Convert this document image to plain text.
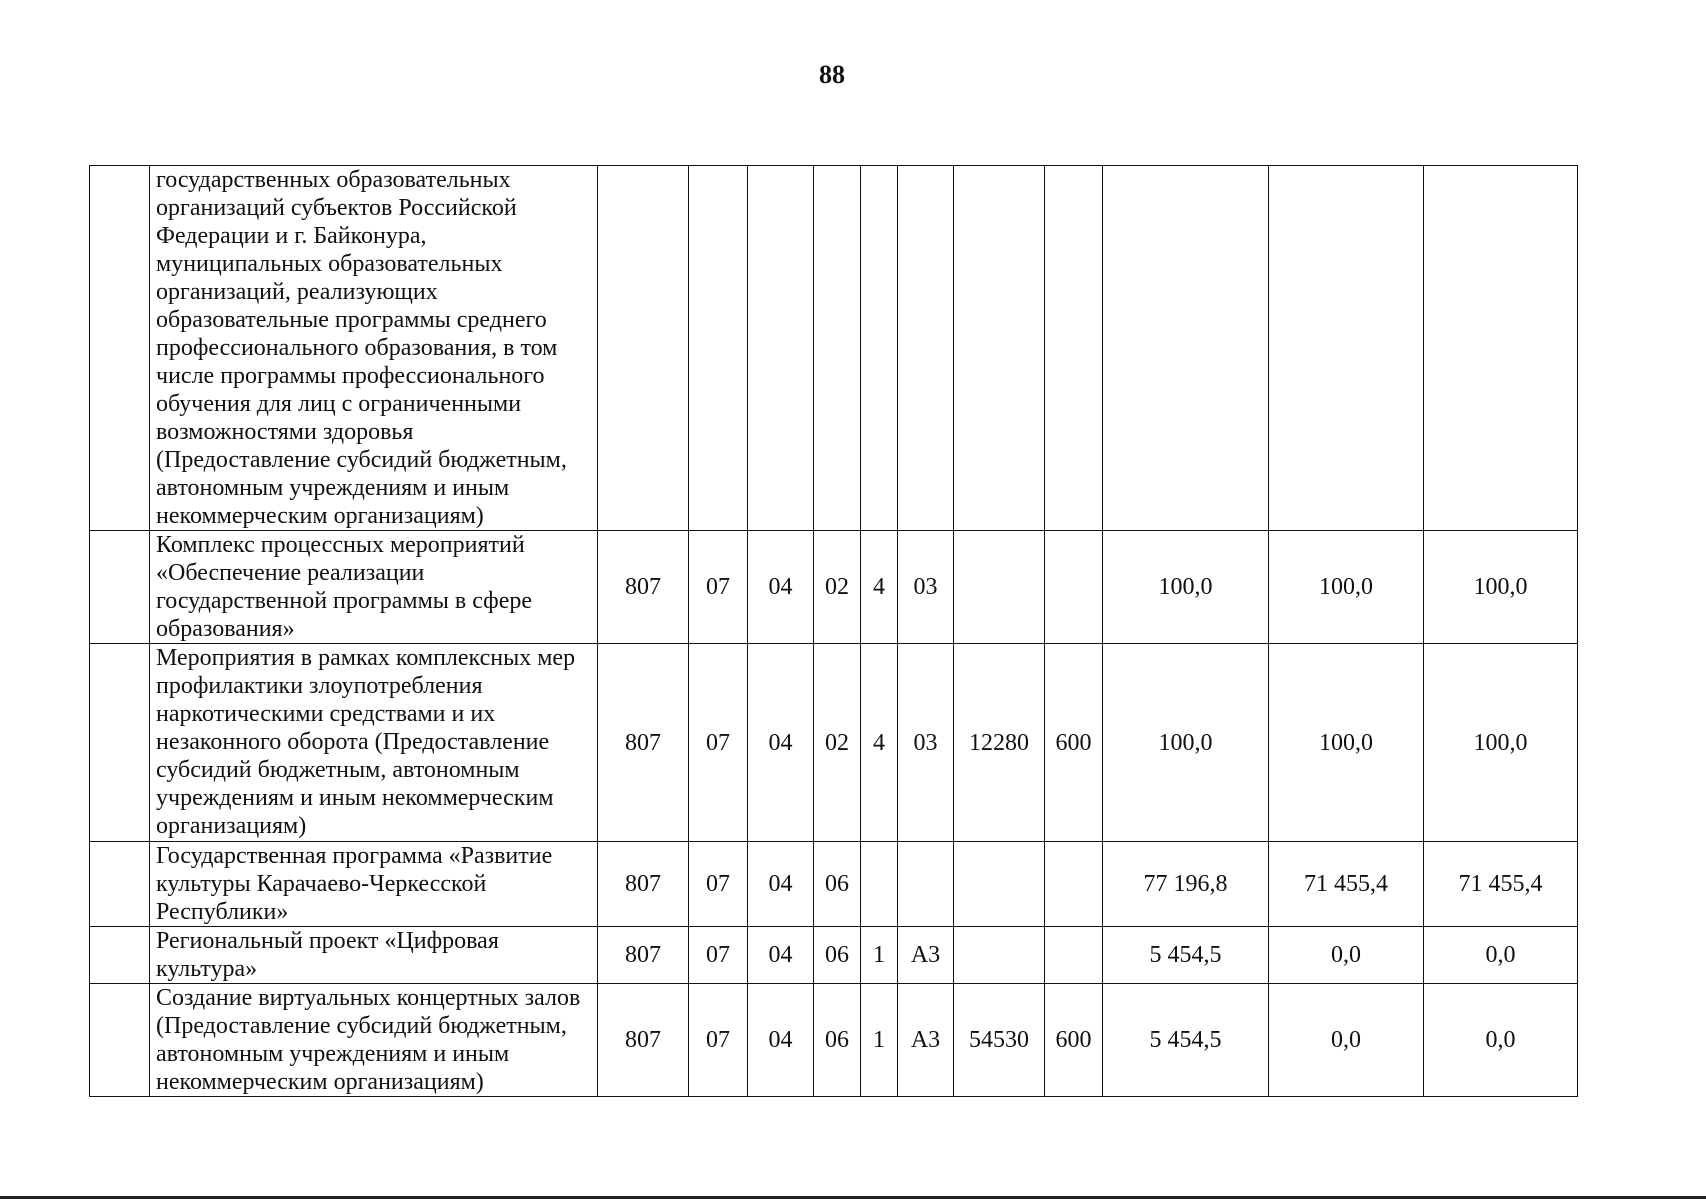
88
	государственных образовательных организаций субъектов Российской Федерации и г. Байконура, муниципальных образовательных организаций, реализующих образовательные программы среднего профессионального образования, в том числе программы профессионального обучения для лиц с ограниченными возможностями здоровья (Предоставление субсидий бюджетным, автономным учреждениям и иным некоммерческим организациям)											
	Комплекс процессных мероприятий «Обеспечение реализации государственной программы в сфере образования»	807	07	04	02	4	03			100,0	100,0	100,0
	Мероприятия в рамках комплексных мер профилактики злоупотребления наркотическими средствами и их незаконного оборота (Предоставление субсидий бюджетным, автономным учреждениям и иным некоммерческим организациям)	807	07	04	02	4	03	12280	600	100,0	100,0	100,0
	Государственная программа «Развитие культуры Карачаево-Черкесской Республики»	807	07	04	06					77 196,8	71 455,4	71 455,4
	Региональный проект «Цифровая культура»	807	07	04	06	1	А3			5 454,5	0,0	0,0
	Создание виртуальных концертных залов (Предоставление субсидий бюджетным, автономным учреждениям и иным некоммерческим организациям)	807	07	04	06	1	А3	54530	600	5 454,5	0,0	0,0
